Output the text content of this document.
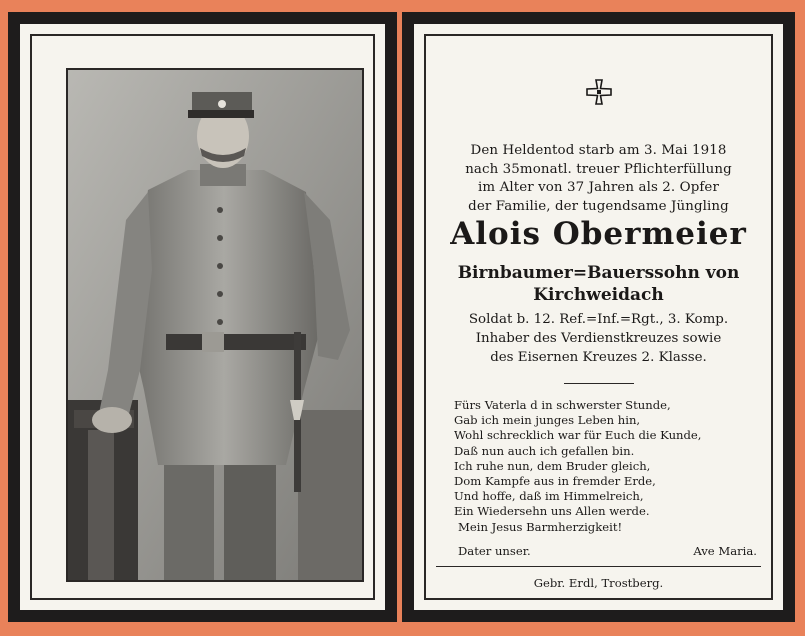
Den Heldentod starb am 3. Mai 1918
nach 35monatl. treuer Pflichterfüllung
im Alter von 37 Jahren als 2. Opfer
der Familie, der tugendsame Jüngling
Alois Obermeier
Birnbaumer=Bauerssohn von
Kirchweidach
Soldat b. 12. Ref.=Inf.=Rgt., 3. Komp.
Inhaber des Verdienstkreuzes sowie
des Eisernen Kreuzes 2. Klasse.
Fürs Vaterla d in schwerster Stunde,
Gab ich mein junges Leben hin,
Wohl schrecklich war für Euch die Kunde,
Daß nun auch ich gefallen bin.
Ich ruhe nun, dem Bruder gleich,
Dom Kampfe aus in fremder Erde,
Und hoffe, daß im Himmelreich,
Ein Wiedersehn uns Allen werde.
Mein Jesus Barmherzigkeit!
Dater unser.	Ave Maria.
Gebr. Erdl, Trostberg.
